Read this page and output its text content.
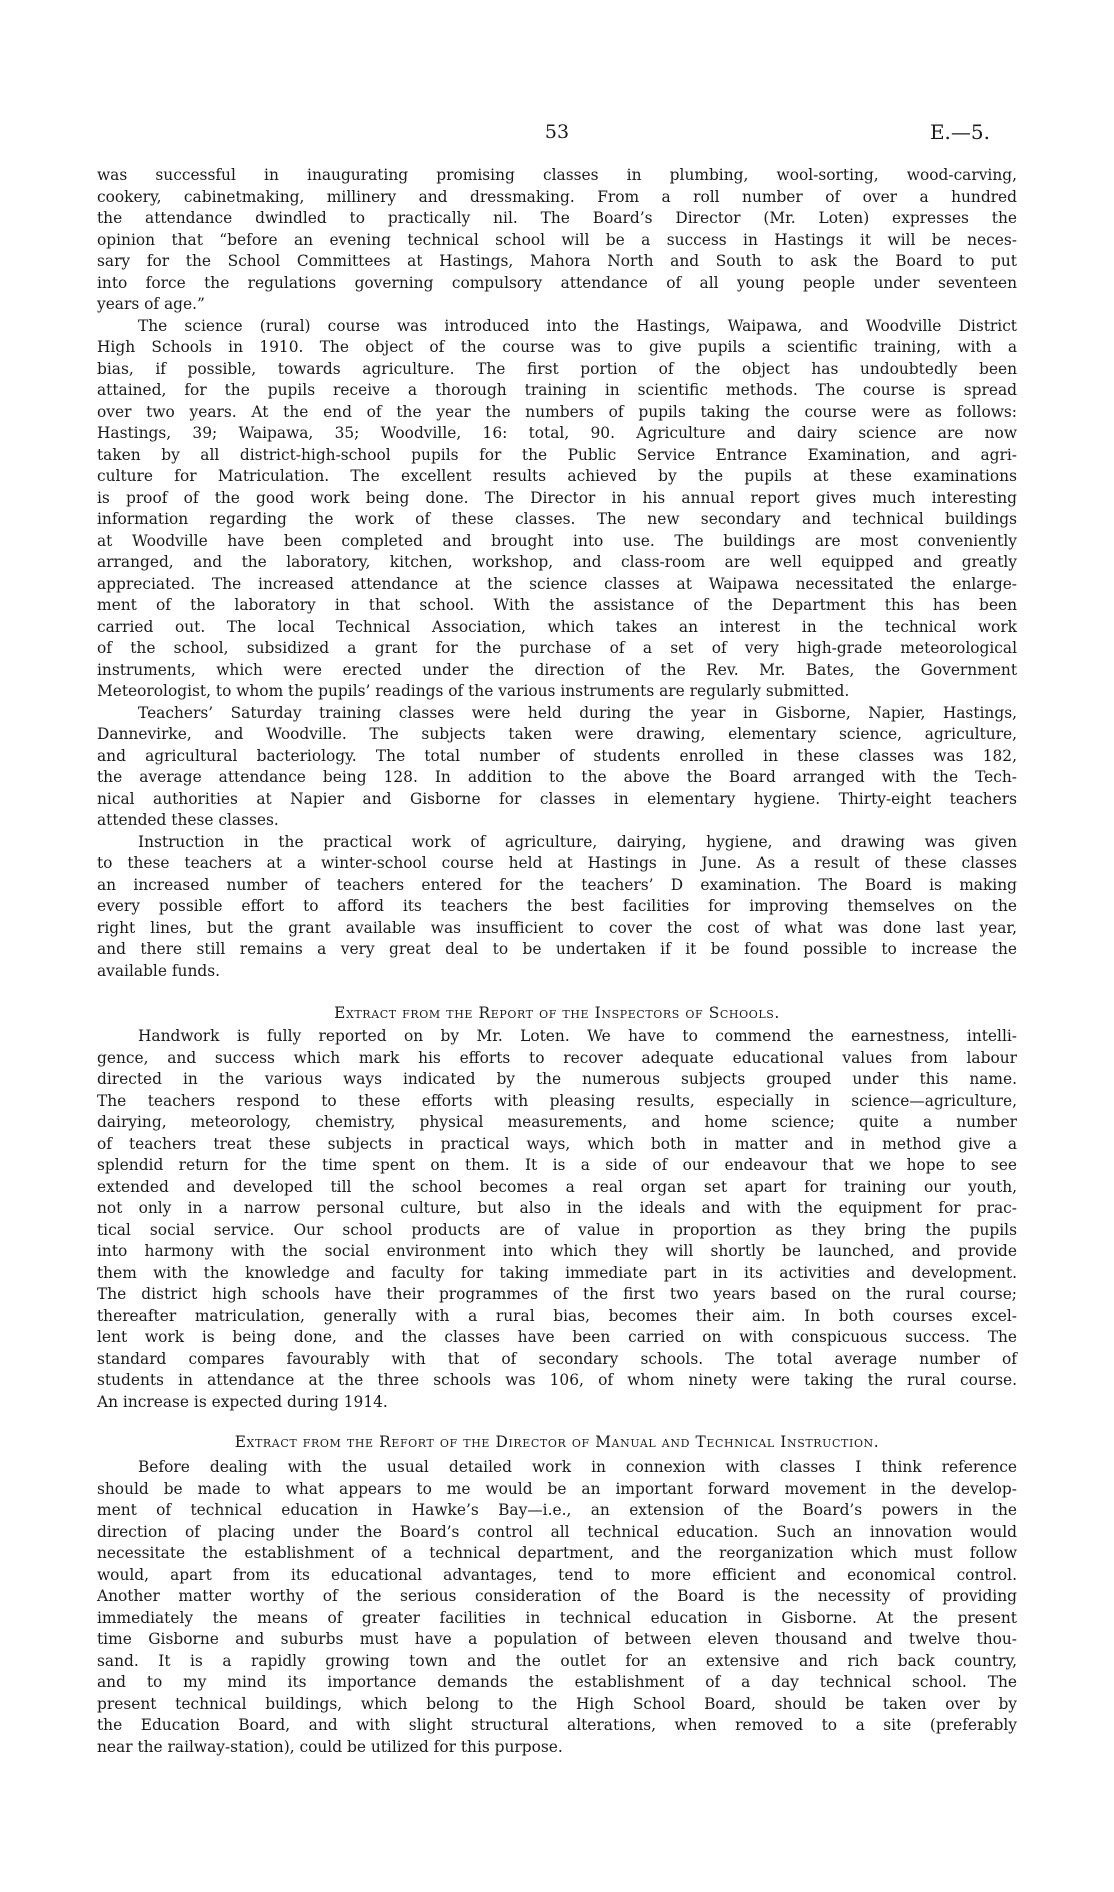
53	E.—5.
was successful in inaugurating promising classes in plumbing, wool-sorting, wood-carving,
cookery, cabinetmaking, millinery and dressmaking. From a roll number of over a hundred
the attendance dwindled to practically nil. The Board’s Director (Mr. Loten) expresses the
opinion that “before an evening technical school will be a success in Hastings it will be neces-
sary for the School Committees at Hastings, Mahora North and South to ask the Board to put
into force the regulations governing compulsory attendance of all young people under seventeen
years of age.”
The science (rural) course was introduced into the Hastings, Waipawa, and Woodville District
High Schools in 1910. The object of the course was to give pupils a scientific training, with a
bias, if possible, towards agriculture. The first portion of the object has undoubtedly been
attained, for the pupils receive a thorough training in scientific methods. The course is spread
over two years. At the end of the year the numbers of pupils taking the course were as follows:
Hastings, 39; Waipawa, 35; Woodville, 16: total, 90. Agriculture and dairy science are now
taken by all district-high-school pupils for the Public Service Entrance Examination, and agri-
culture for Matriculation. The excellent results achieved by the pupils at these examinations
is proof of the good work being done. The Director in his annual report gives much interesting
information regarding the work of these classes. The new secondary and technical buildings
at Woodville have been completed and brought into use. The buildings are most conveniently
arranged, and the laboratory, kitchen, workshop, and class-room are well equipped and greatly
appreciated. The increased attendance at the science classes at Waipawa necessitated the enlarge-
ment of the laboratory in that school. With the assistance of the Department this has been
carried out. The local Technical Association, which takes an interest in the technical work
of the school, subsidized a grant for the purchase of a set of very high-grade meteorological
instruments, which were erected under the direction of the Rev. Mr. Bates, the Government
Meteorologist, to whom the pupils’ readings of the various instruments are regularly submitted.
Teachers’ Saturday training classes were held during the year in Gisborne, Napier, Hastings,
Dannevirke, and Woodville. The subjects taken were drawing, elementary science, agriculture,
and agricultural bacteriology. The total number of students enrolled in these classes was 182,
the average attendance being 128. In addition to the above the Board arranged with the Tech-
nical authorities at Napier and Gisborne for classes in elementary hygiene. Thirty-eight teachers
attended these classes.
Instruction in the practical work of agriculture, dairying, hygiene, and drawing was given
to these teachers at a winter-school course held at Hastings in June. As a result of these classes
an increased number of teachers entered for the teachers’ D examination. The Board is making
every possible effort to afford its teachers the best facilities for improving themselves on the
right lines, but the grant available was insufficient to cover the cost of what was done last year,
and there still remains a very great deal to be undertaken if it be found possible to increase the
available funds.
Extract from the Report of the Inspectors of Schools.
Handwork is fully reported on by Mr. Loten. We have to commend the earnestness, intelli-
gence, and success which mark his efforts to recover adequate educational values from labour
directed in the various ways indicated by the numerous subjects grouped under this name.
The teachers respond to these efforts with pleasing results, especially in science—agriculture,
dairying, meteorology, chemistry, physical measurements, and home science; quite a number
of teachers treat these subjects in practical ways, which both in matter and in method give a
splendid return for the time spent on them. It is a side of our endeavour that we hope to see
extended and developed till the school becomes a real organ set apart for training our youth,
not only in a narrow personal culture, but also in the ideals and with the equipment for prac-
tical social service. Our school products are of value in proportion as they bring the pupils
into harmony with the social environment into which they will shortly be launched, and provide
them with the knowledge and faculty for taking immediate part in its activities and development.
The district high schools have their programmes of the first two years based on the rural course;
thereafter matriculation, generally with a rural bias, becomes their aim. In both courses excel-
lent work is being done, and the classes have been carried on with conspicuous success. The
standard compares favourably with that of secondary schools. The total average number of
students in attendance at the three schools was 106, of whom ninety were taking the rural course.
An increase is expected during 1914.
Extract from the Refort of the Director of Manual and Technical Instruction.
Before dealing with the usual detailed work in connexion with classes I think reference
should be made to what appears to me would be an important forward movement in the develop-
ment of technical education in Hawke’s Bay—i.e., an extension of the Board’s powers in the
direction of placing under the Board’s control all technical education. Such an innovation would
necessitate the establishment of a technical department, and the reorganization which must follow
would, apart from its educational advantages, tend to more efficient and economical control.
Another matter worthy of the serious consideration of the Board is the necessity of providing
immediately the means of greater facilities in technical education in Gisborne. At the present
time Gisborne and suburbs must have a population of between eleven thousand and twelve thou-
sand. It is a rapidly growing town and the outlet for an extensive and rich back country,
and to my mind its importance demands the establishment of a day technical school. The
present technical buildings, which belong to the High School Board, should be taken over by
the Education Board, and with slight structural alterations, when removed to a site (preferably
near the railway-station), could be utilized for this purpose.
